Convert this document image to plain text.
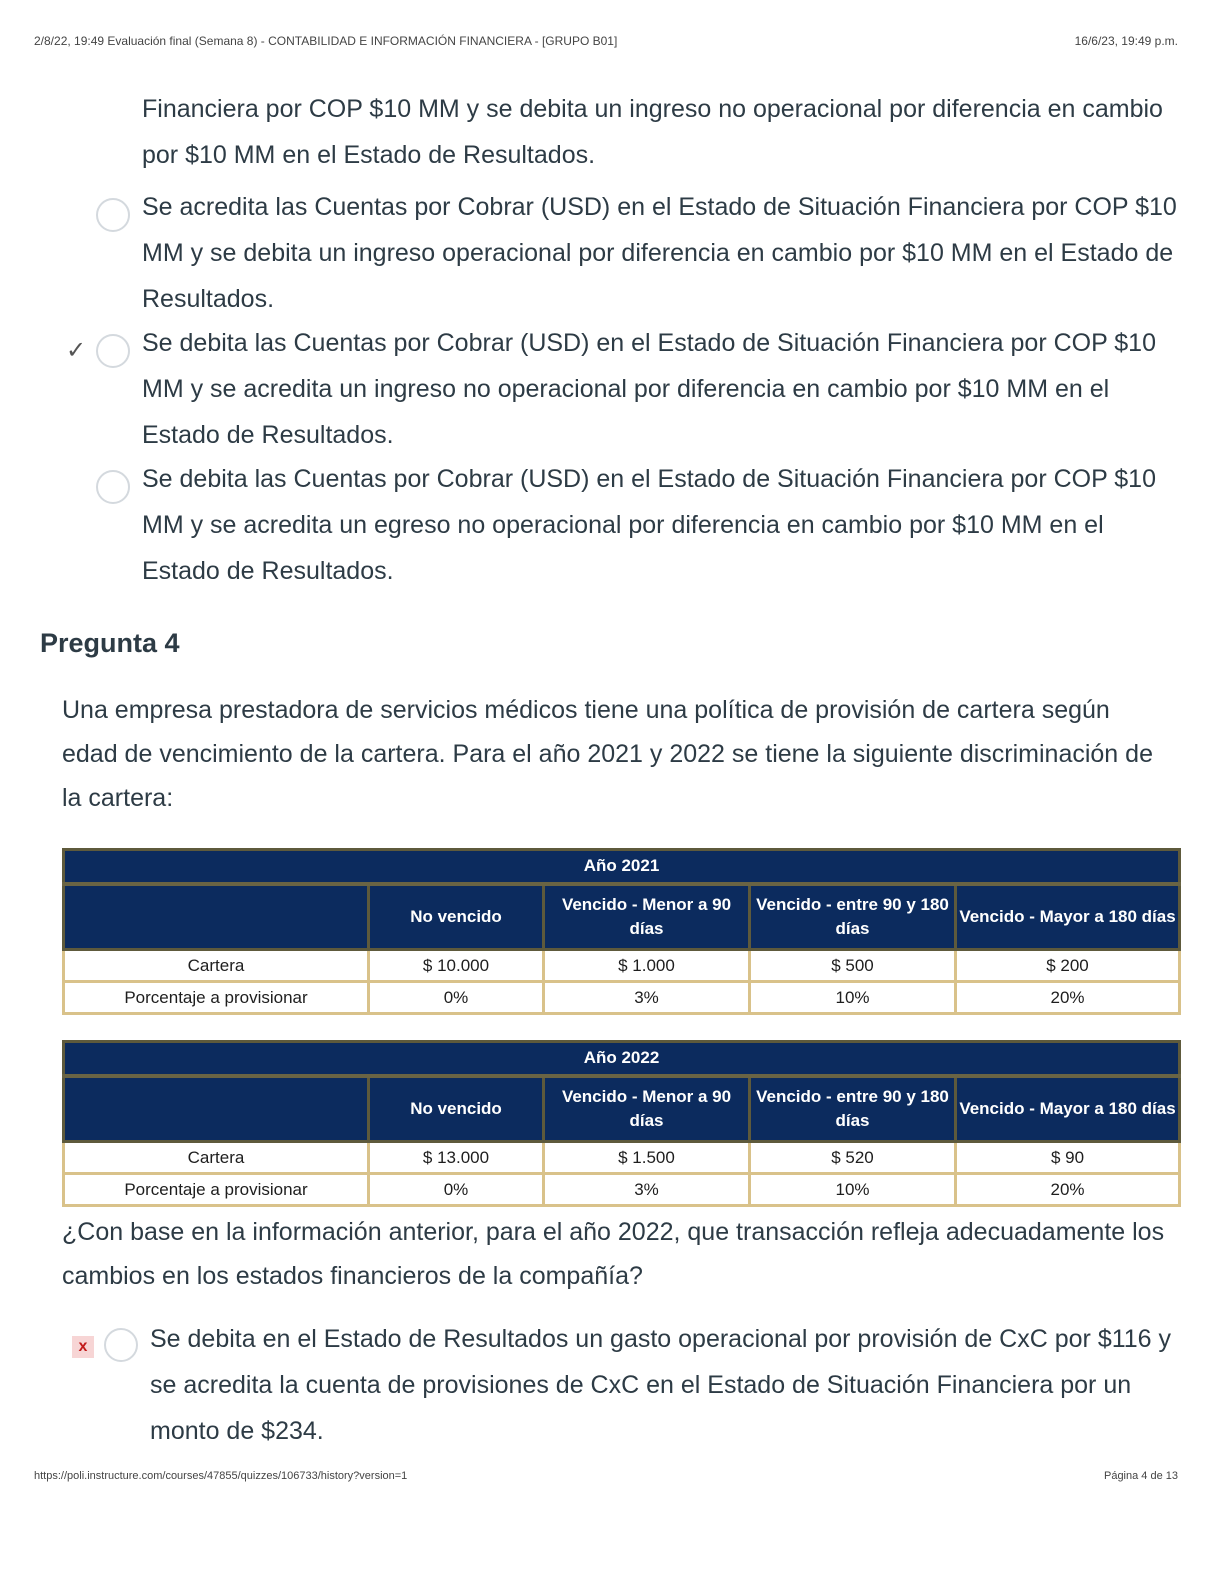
2/8/22, 19:49 Evaluación final (Semana 8) - CONTABILIDAD E INFORMACIÓN FINANCIERA - [GRUPO B01]	16/6/23, 19:49 p.m.
Financiera por COP $10 MM y se debita un ingreso no operacional por diferencia en cambio por $10 MM en el Estado de Resultados.
Se acredita las Cuentas por Cobrar (USD) en el Estado de Situación Financiera por COP $10 MM y se debita un ingreso operacional por diferencia en cambio por $10 MM en el Estado de Resultados.
✓	Se debita las Cuentas por Cobrar (USD) en el Estado de Situación Financiera por COP $10 MM y se acredita un ingreso no operacional por diferencia en cambio por $10 MM en el Estado de Resultados.
Se debita las Cuentas por Cobrar (USD) en el Estado de Situación Financiera por COP $10 MM y se acredita un egreso no operacional por diferencia en cambio por $10 MM en el Estado de Resultados.
Pregunta 4
Una empresa prestadora de servicios médicos tiene una política de provisión de cartera según edad de vencimiento de la cartera. Para el año 2021 y 2022 se tiene la siguiente discriminación de la cartera:
Año 2021				
	No vencido	Vencido - Menor a 90 días	Vencido - entre 90 y 180 días	Vencido - Mayor a 180 días
Cartera	$ 10.000	$ 1.000	$ 500	$ 200
Porcentaje a provisionar	0%	3%	10%	20%
Año 2022				
	No vencido	Vencido - Menor a 90 días	Vencido - entre 90 y 180 días	Vencido - Mayor a 180 días
Cartera	$ 13.000	$ 1.500	$ 520	$ 90
Porcentaje a provisionar	0%	3%	10%	20%
¿Con base en la información anterior, para el año 2022, que transacción refleja adecuadamente los cambios en los estados financieros de la compañía?
x	Se debita en el Estado de Resultados un gasto operacional por provisión de CxC por $116 y se acredita la cuenta de provisiones de CxC en el Estado de Situación Financiera por un monto de $234.
https://poli.instructure.com/courses/47855/quizzes/106733/history?version=1	Página 4 de 13
